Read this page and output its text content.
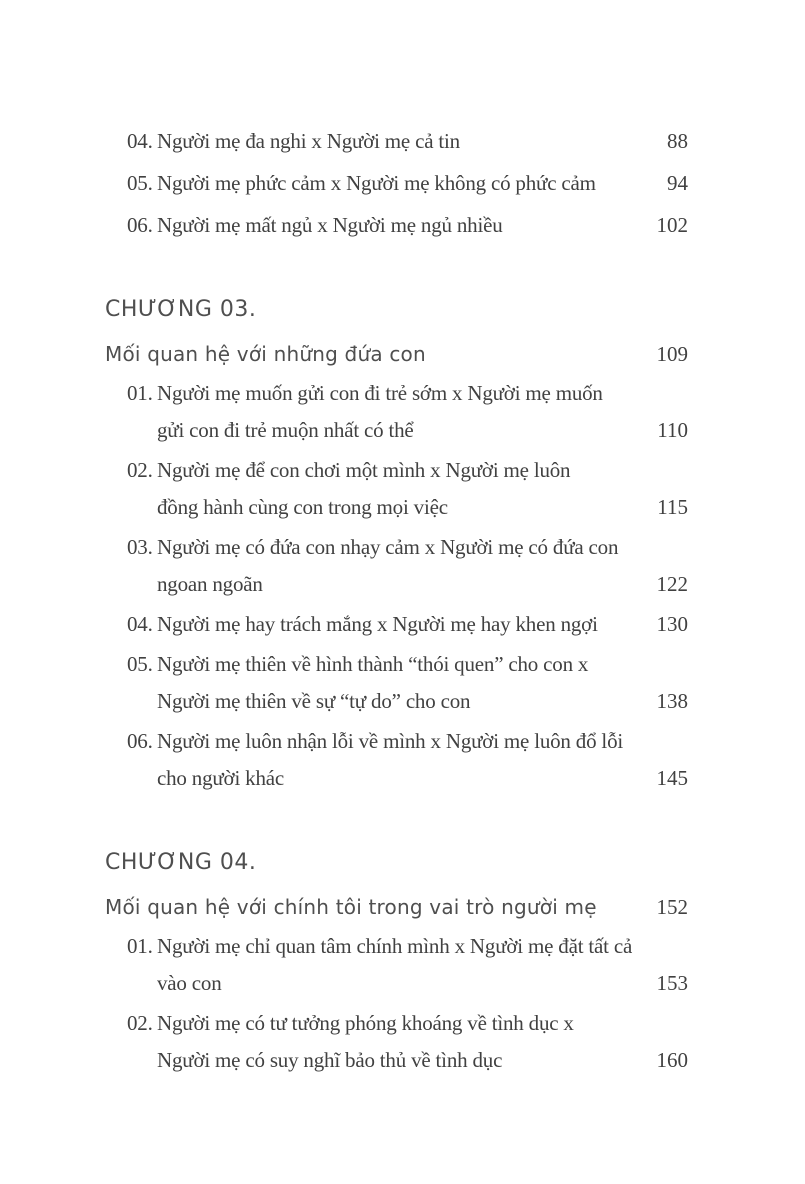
04. Người mẹ đa nghi x Người mẹ cả tin	88
05. Người mẹ phức cảm x Người mẹ không có phức cảm	94
06. Người mẹ mất ngủ x Người mẹ ngủ nhiều	102
CHƯƠNG 03.
Mối quan hệ với những đứa con	109
01. Người mẹ muốn gửi con đi trẻ sớm x Người mẹ muốn
gửi con đi trẻ muộn nhất có thể	110
02. Người mẹ để con chơi một mình x Người mẹ luôn
đồng hành cùng con trong mọi việc	115
03. Người mẹ có đứa con nhạy cảm x Người mẹ có đứa con
ngoan ngoãn	122
04. Người mẹ hay trách mắng x Người mẹ hay khen ngợi	130
05. Người mẹ thiên về hình thành “thói quen” cho con x
Người mẹ thiên về sự “tự do” cho con	138
06. Người mẹ luôn nhận lỗi về mình x Người mẹ luôn đổ lỗi
cho người khác	145
CHƯƠNG 04.
Mối quan hệ với chính tôi trong vai trò người mẹ	152
01. Người mẹ chỉ quan tâm chính mình x Người mẹ đặt tất cả
vào con	153
02. Người mẹ có tư tưởng phóng khoáng về tình dục x
Người mẹ có suy nghĩ bảo thủ về tình dục	160
